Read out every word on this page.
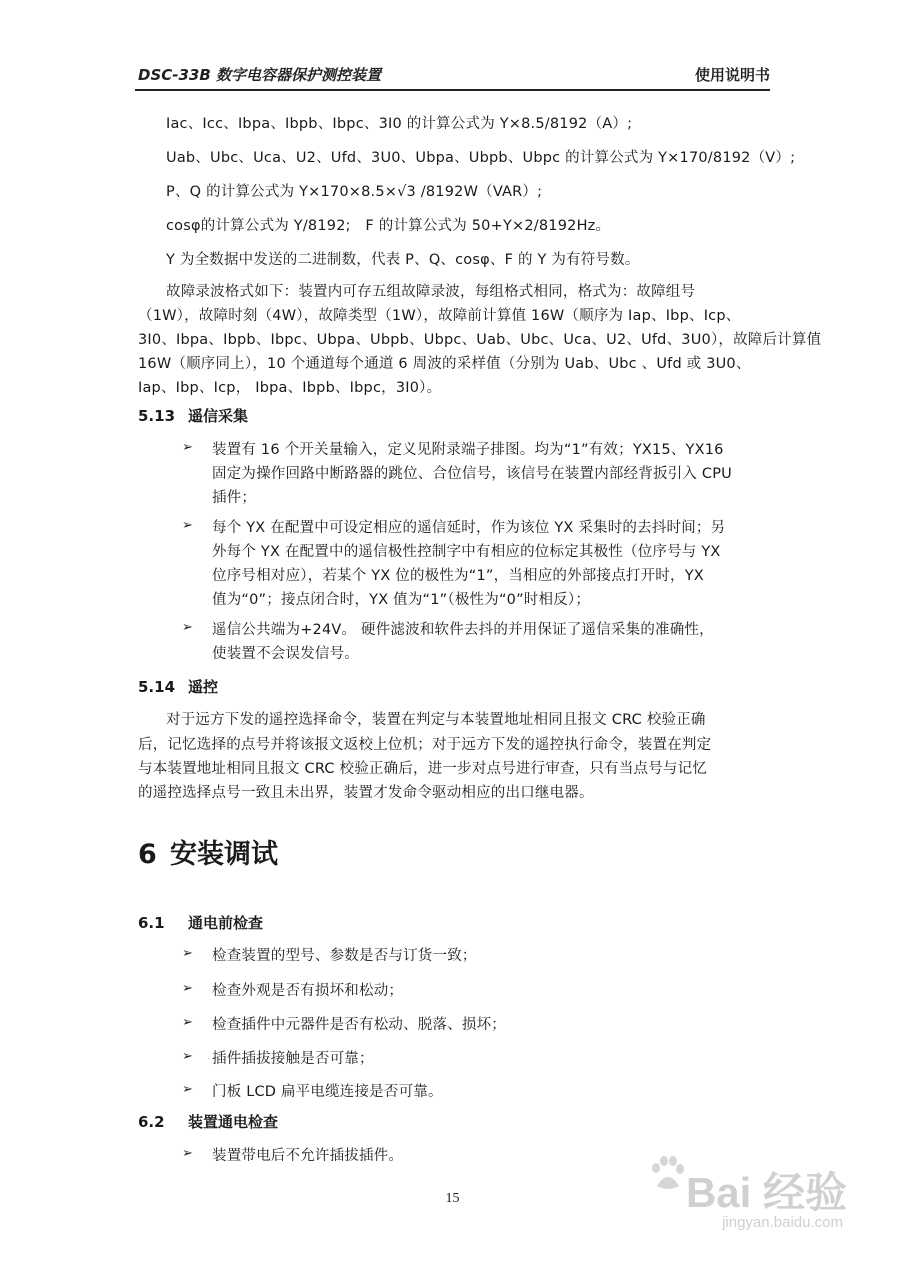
DSC-33B 数字电容器保护测控装置	使用说明书
Iac、Icc、Ibpa、Ibpb、Ibpc、3I0 的计算公式为 Y×8.5/8192（A）;
Uab、Ubc、Uca、U2、Ufd、3U0、Ubpa、Ubpb、Ubpc 的计算公式为 Y×170/8192（V）;
P、Q 的计算公式为 Y×170×8.5×√3 /8192W（VAR）;
cosφ的计算公式为 Y/8192;　F 的计算公式为 50+Y×2/8192Hz。
Y 为全数据中发送的二进制数，代表 P、Q、cosφ、F 的 Y 为有符号数。
故障录波格式如下：装置内可存五组故障录波，每组格式相同，格式为：故障组号
（1W），故障时刻（4W），故障类型（1W），故障前计算值 16W（顺序为 Iap、Ibp、Icp、
3I0、Ibpa、Ibpb、Ibpc、Ubpa、Ubpb、Ubpc、Uab、Ubc、Uca、U2、Ufd、3U0），故障后计算值
16W（顺序同上），10 个通道每个通道 6 周波的采样值（分别为 Uab、Ubc 、Ufd 或 3U0、
Iap、Ibp、Icp， Ibpa、Ibpb、Ibpc，3I0）。
5.13 遥信采集
➢ 装置有 16 个开关量输入，定义见附录端子排图。均为“1”有效；YX15、YX16
固定为操作回路中断路器的跳位、合位信号，该信号在装置内部经背扳引入 CPU
插件；
➢ 每个 YX 在配置中可设定相应的遥信延时，作为该位 YX 采集时的去抖时间；另
外每个 YX 在配置中的遥信极性控制字中有相应的位标定其极性（位序号与 YX
位序号相对应），若某个 YX 位的极性为“1”，当相应的外部接点打开时，YX
值为“0”；接点闭合时，YX 值为“1”（极性为“0”时相反）；
➢ 遥信公共端为+24V。 硬件滤波和软件去抖的并用保证了遥信采集的准确性，
使装置不会误发信号。
5.14 遥控
对于远方下发的遥控选择命令，装置在判定与本装置地址相同且报文 CRC 校验正确
后，记忆选择的点号并将该报文返校上位机；对于远方下发的遥控执行命令，装置在判定
与本装置地址相同且报文 CRC 校验正确后，进一步对点号进行审查，只有当点号与记忆
的遥控选择点号一致且未出界，装置才发命令驱动相应的出口继电器。
6 安装调试
6.1 通电前检查
➢ 检查装置的型号、参数是否与订货一致；
➢ 检查外观是否有损坏和松动；
➢ 检查插件中元器件是否有松动、脱落、损坏；
➢ 插件插拔接触是否可靠；
➢ 门板 LCD 扁平电缆连接是否可靠。
6.2 装置通电检查
➢ 装置带电后不允许插拔插件。
15	Bai 经验
jingyan.baidu.com
